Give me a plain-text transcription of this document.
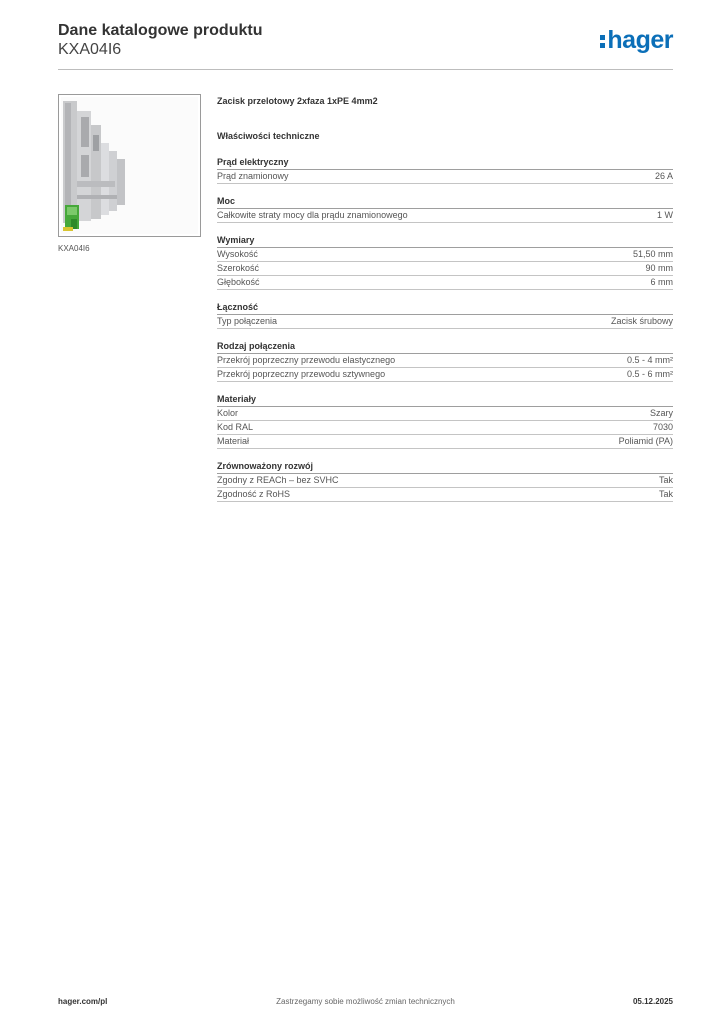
Dane katalogowe produktu
KXA04I6	hager
KXA04I6
Zacisk przelotowy 2xfaza 1xPE 4mm2
Właściwości techniczne
Prąd elektryczny
Prąd znamionowy	26 A
Moc
Całkowite straty mocy dla prądu znamionowego	1 W
Wymiary
Wysokość	51,50 mm
Szerokość	90 mm
Głębokość	6 mm
Łączność
Typ połączenia	Zacisk śrubowy
Rodzaj połączenia
Przekrój poprzeczny przewodu elastycznego	0.5 - 4 mm²
Przekrój poprzeczny przewodu sztywnego	0.5 - 6 mm²
Materiały
Kolor	Szary
Kod RAL	7030
Materiał	Poliamid (PA)
Zrównoważony rozwój
Zgodny z REACh – bez SVHC	Tak
Zgodność z RoHS	Tak
hager.com/pl	Zastrzegamy sobie możliwość zmian technicznych	05.12.2025
